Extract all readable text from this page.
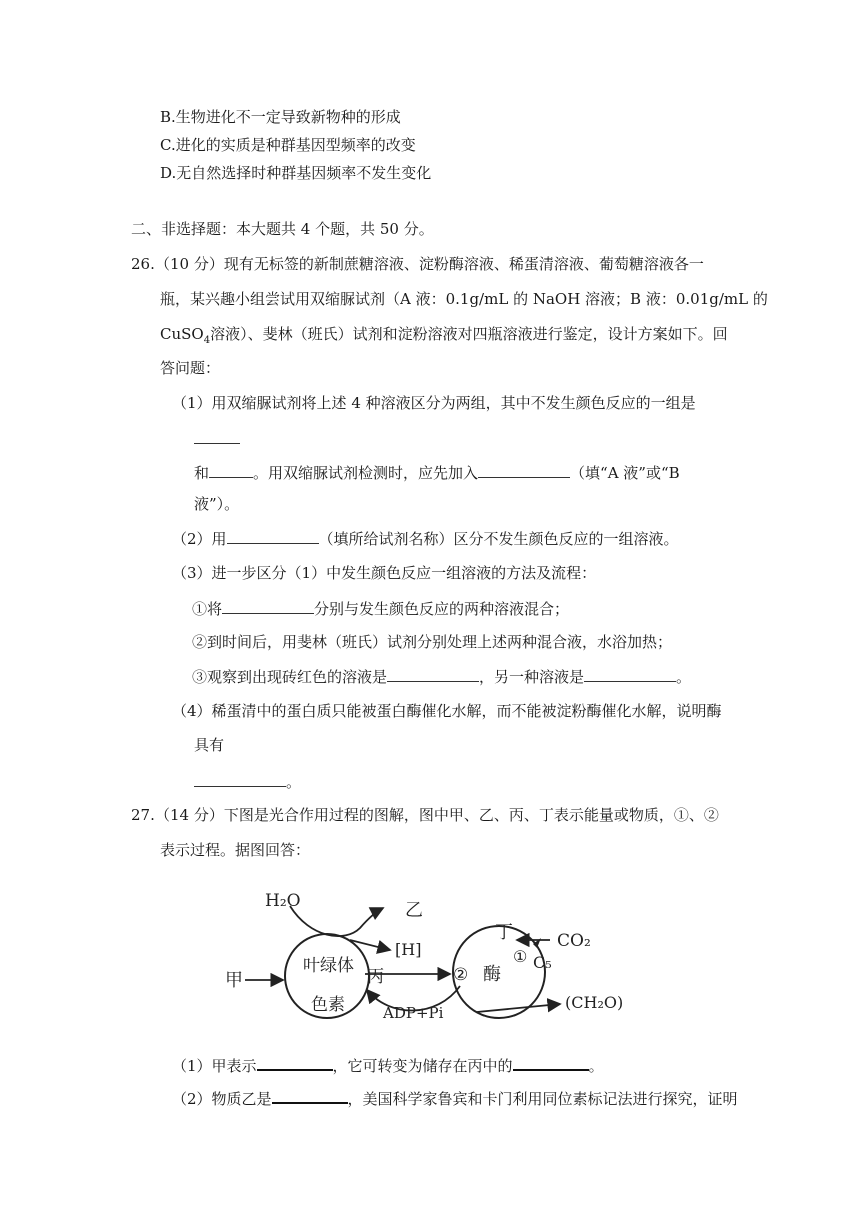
B.生物进化不一定导致新物种的形成
C.进化的实质是种群基因型频率的改变
D.无自然选择时种群基因频率不发生变化
二、非选择题：本大题共 4 个题，共 50 分。
26. （10 分）现有无标签的新制蔗糖溶液、淀粉酶溶液、稀蛋清溶液、葡萄糖溶液各一
瓶，某兴趣小组尝试用双缩脲试剂（A 液：0.1g/mL 的 NaOH 溶液；B 液：0.01g/mL 的
CuSO$_4$溶液）、斐林（班氏）试剂和淀粉溶液对四瓶溶液进行鉴定，设计方案如下。回
答问题：
（1）用双缩脲试剂将上述 4 种溶液区分为两组，其中不发生颜色反应的一组是
和	。用双缩脲试剂检测时，应先加入	（填“A 液”或“B
液”）。
（2）用	（填所给试剂名称）区分不发生颜色反应的一组溶液。
（3）进一步区分（1）中发生颜色反应一组溶液的方法及流程：
①将	分别与发生颜色反应的两种溶液混合；
②到时间后，用斐林（班氏）试剂分别处理上述两种混合液，水浴加热；
③观察到出现砖红色的溶液是	，另一种溶液是	。
（4）稀蛋清中的蛋白质只能被蛋白酶催化水解，而不能被淀粉酶催化水解，说明酶
具有
。
27. （14 分）下图是光合作用过程的图解，图中甲、乙、丙、丁表示能量或物质，①、②
表示过程。据图回答：
H₂O	乙
[H]
丁	CO₂
甲
叶绿体
色素
丙	② 酶
① C₅
ADP+Pi
(CH₂O)
（1）甲表示	，它可转变为储存在丙中的	。
（2）物质乙是	，美国科学家鲁宾和卡门利用同位素标记法进行探究，证明
